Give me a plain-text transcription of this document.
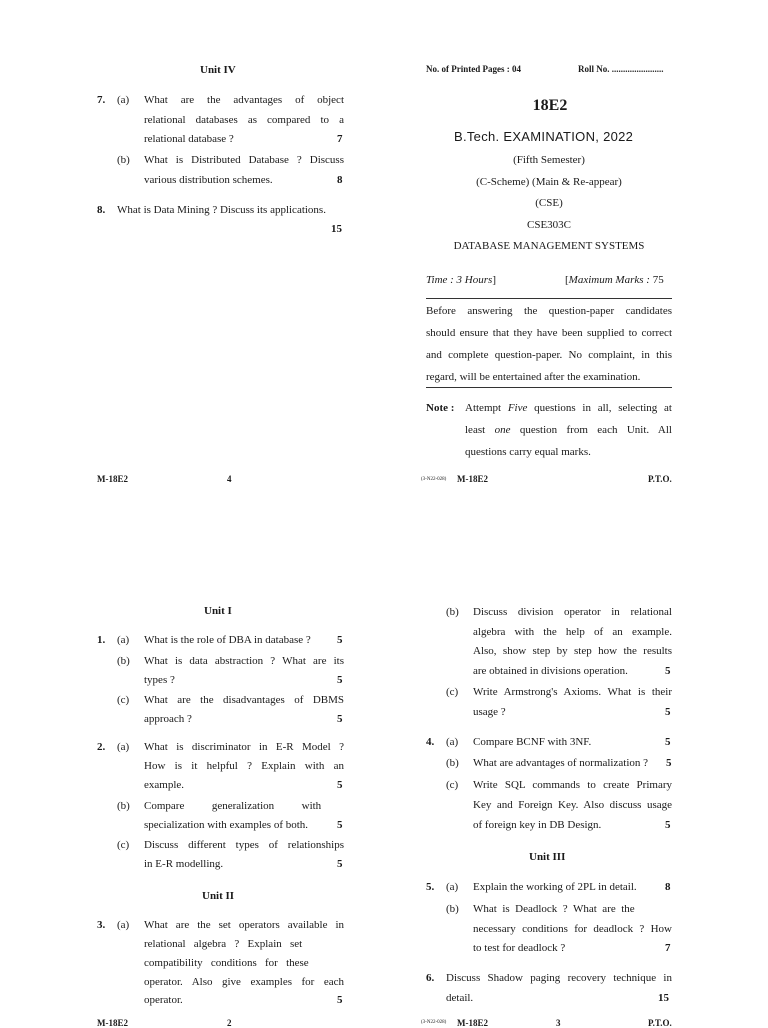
Unit IV
7. (a) What are the advantages of object
relational databases as compared to a
relational database ?	7
(b) What is Distributed Database ? Discuss
various distribution schemes.	8
8. What is Data Mining ? Discuss its applications.
15
M-18E2	4
No. of Printed Pages : 04	Roll No. .......................
18E2
B.Tech. EXAMINATION, 2022
(Fifth Semester)
(C-Scheme) (Main & Re-appear)
(CSE)
CSE303C
DATABASE MANAGEMENT SYSTEMS
Time : 3 Hours]	[Maximum Marks : 75
Before answering the question-paper candidates
should ensure that they have been supplied to correct
and complete question-paper. No complaint, in this
regard, will be entertained after the examination.
Note : Attempt Five questions in all, selecting at
least one question from each Unit. All
questions carry equal marks.
(3-N22-028) M-18E2	P.T.O.
Unit I
1. (a) What is the role of DBA in database ? 5
(b) What is data abstraction ? What are its
types ?	5
(c) What are the disadvantages of DBMS
approach ?	5
2. (a) What is discriminator in E-R Model ?
How is it helpful ? Explain with an
example.	5
(b) Compare          generalization          with
specialization with examples of both.	5
(c) Discuss different types of relationships
in E-R modelling.	5
Unit II
3. (a) What are the set operators available in
relational   algebra   ?   Explain   set
compatibility   conditions   for   these
operator. Also give examples for each
operator.	5
M-18E2	2
(b) Discuss division operator in relational
algebra with the help of an example.
Also, show step by step how the results
are obtained in divisions operation.	5
(c) Write Armstrong's Axioms. What is their
usage ?	5
4. (a) Compare BCNF with 3NF.	5
(b) What are advantages of normalization ? 5
(c) Write SQL commands to create Primary
Key and Foreign Key. Also discuss usage
of foreign key in DB Design.	5
Unit III
5. (a) Explain the working of 2PL in detail.	8
(b) What  is  Deadlock  ?  What  are  the
necessary conditions for deadlock ? How
to test for deadlock ?	7
6. Discuss Shadow paging recovery technique in
detail.	15
(3-N22-028) M-18E2	3	P.T.O.
